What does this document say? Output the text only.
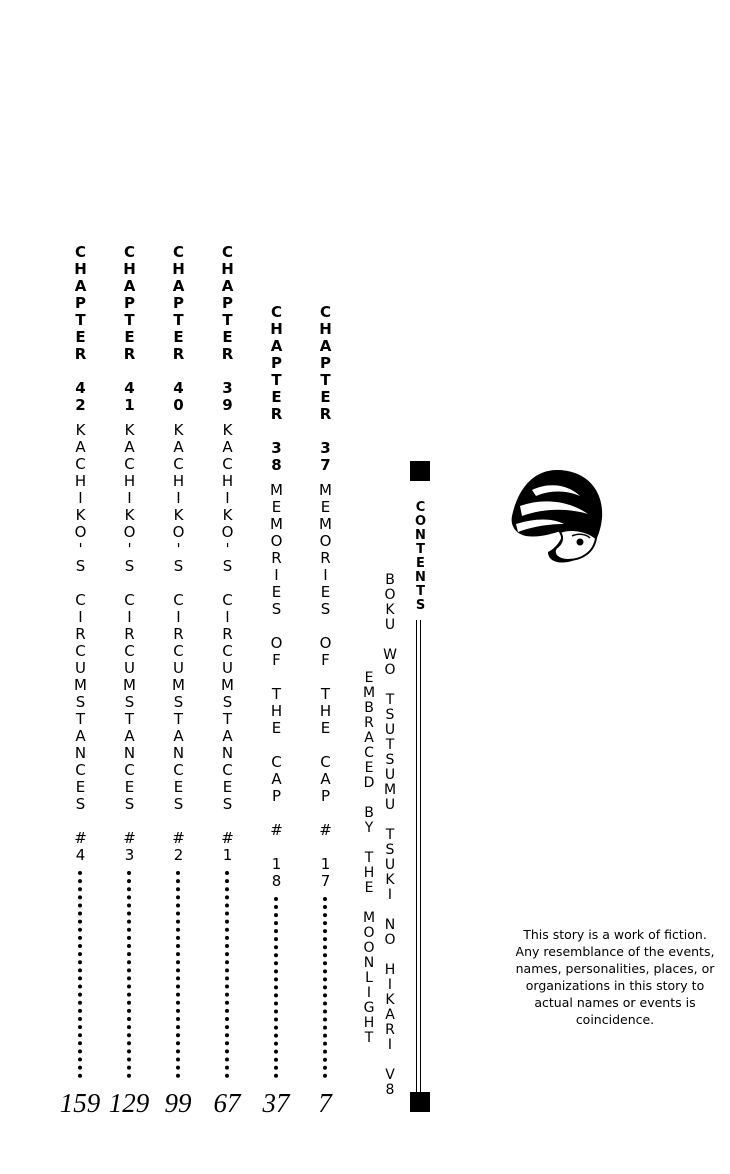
CHAPTER 37
MEMORIES OF THE CAP # 17
CHAPTER 38
MEMORIES OF THE CAP # 18
CHAPTER 39
KACHIKO'S CIRCUMSTANCES #1
CHAPTER 40
KACHIKO'S CIRCUMSTANCES #2
CHAPTER 41
KACHIKO'S CIRCUMSTANCES #3
CHAPTER 42
KACHIKO'S CIRCUMSTANCES #4
7
37
67
99
129
159
BOKU WO TSUTSUMU TSUKI NO HIKARI V8
EMBRACED BY THE MOONLIGHT
CONTENTS
This story is a work of fiction. Any resemblance of the events, names, personalities, places, or organizations in this story to actual names or events is coincidence.
